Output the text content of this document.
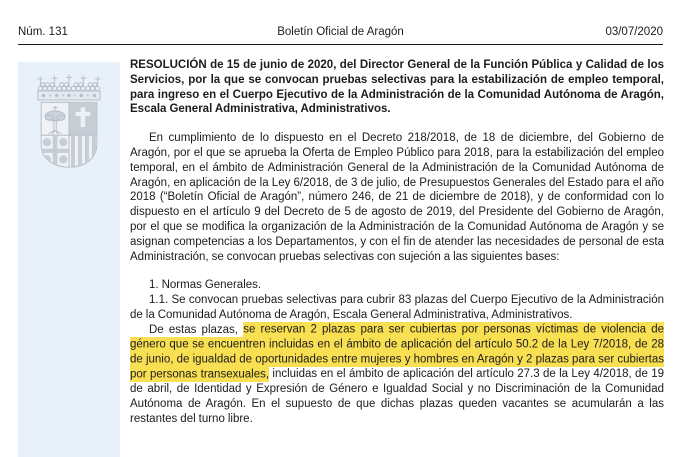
Núm. 131	Boletín Oficial de Aragón	03/07/2020

RESOLUCIÓN de 15 de junio de 2020, del Director General de la Función Pública y Calidad de los Servicios, por la que se convocan pruebas selectivas para la estabilización de empleo temporal, para ingreso en el Cuerpo Ejecutivo de la Administración de la Comunidad Autónoma de Aragón, Escala General Administrativa, Administrativos.

En cumplimiento de lo dispuesto en el Decreto 218/2018, de 18 de diciembre, del Gobierno de Aragón, por el que se aprueba la Oferta de Empleo Público para 2018, para la estabilización del empleo temporal, en el ámbito de Administración General de la Administración de la Comunidad Autónoma de Aragón, en aplicación de la Ley 6/2018, de 3 de julio, de Presupuestos Generales del Estado para el año 2018 (“Boletín Oficial de Aragón”, número 246, de 21 de diciembre de 2018), y de conformidad con lo dispuesto en el artículo 9 del Decreto de 5 de agosto de 2019, del Presidente del Gobierno de Aragón, por el que se modifica la organización de la Administración de la Comunidad Autónoma de Aragón y se asignan competencias a los Departamentos, y con el fin de atender las necesidades de personal de esta Administración, se convocan pruebas selectivas con sujeción a las siguientes bases:

1. Normas Generales.

1.1. Se convocan pruebas selectivas para cubrir 83 plazas del Cuerpo Ejecutivo de la Administración de la Comunidad Autónoma de Aragón, Escala General Administrativa, Administrativos.

De estas plazas, se reservan 2 plazas para ser cubiertas por personas víctimas de violencia de género que se encuentren incluidas en el ámbito de aplicación del artículo 50.2 de la Ley 7/2018, de 28 de junio, de igualdad de oportunidades entre mujeres y hombres en Aragón y 2 plazas para ser cubiertas por personas transexuales, incluidas en el ámbito de aplicación del artículo 27.3 de la Ley 4/2018, de 19 de abril, de Identidad y Expresión de Género e Igualdad Social y no Discriminación de la Comunidad Autónoma de Aragón. En el supuesto de que dichas plazas queden vacantes se acumularán a las restantes del turno libre.
